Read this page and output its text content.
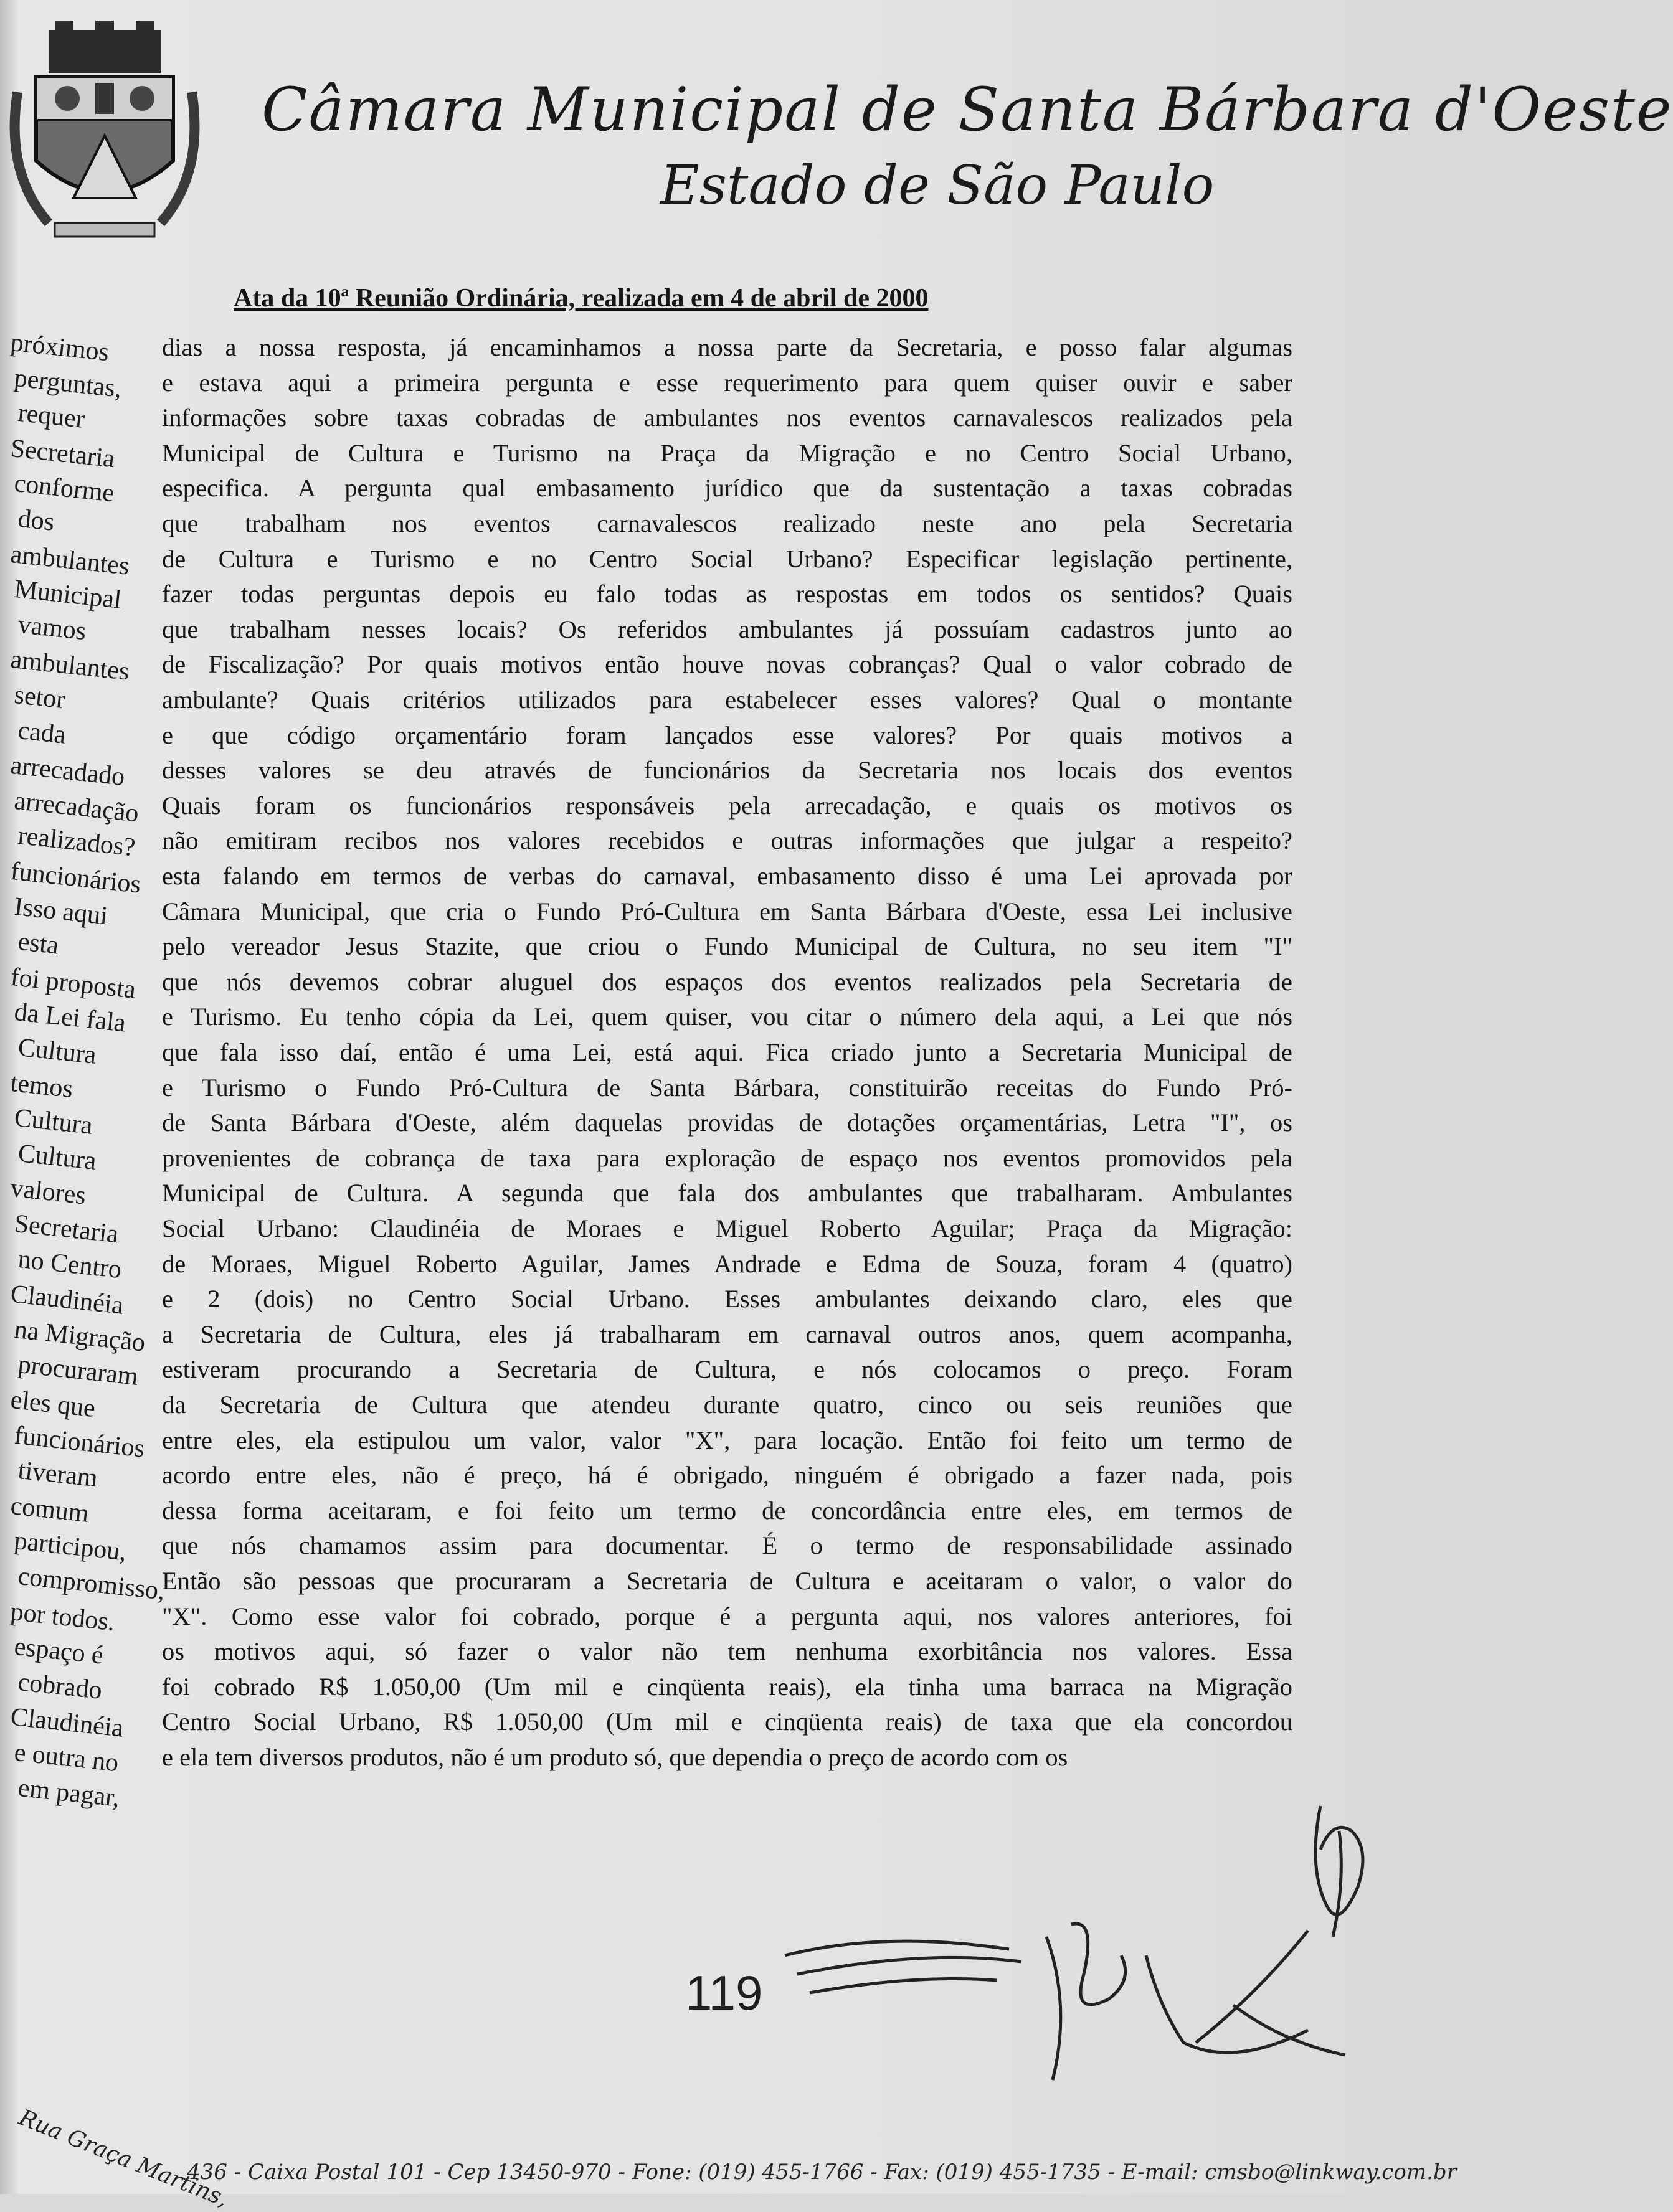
Câmara Municipal de Santa Bárbara d'Oeste
Estado de São Paulo
Ata da 10ª Reunião Ordinária, realizada em 4 de abril de 2000
dias a nossa resposta, já encaminhamos a nossa parte da Secretaria, e posso falar algumas
e estava aqui a primeira pergunta e esse requerimento para quem quiser ouvir e saber
informações sobre taxas cobradas de ambulantes nos eventos carnavalescos realizados pela
Municipal de Cultura e Turismo na Praça da Migração e no Centro Social Urbano,
especifica. A pergunta qual embasamento jurídico que da sustentação a taxas cobradas
que trabalham nos eventos carnavalescos realizado neste ano pela Secretaria
de Cultura e Turismo e no Centro Social Urbano? Especificar legislação pertinente,
fazer todas perguntas depois eu falo todas as respostas em todos os sentidos? Quais
que trabalham nesses locais? Os referidos ambulantes já possuíam cadastros junto ao
de Fiscalização? Por quais motivos então houve novas cobranças? Qual o valor cobrado de
ambulante? Quais critérios utilizados para estabelecer esses valores? Qual o montante
e que código orçamentário foram lançados esse valores? Por quais motivos a
desses valores se deu através de funcionários da Secretaria nos locais dos eventos
Quais foram os funcionários responsáveis pela arrecadação, e quais os motivos os
não emitiram recibos nos valores recebidos e outras informações que julgar a respeito?
esta falando em termos de verbas do carnaval, embasamento disso é uma Lei aprovada por
Câmara Municipal, que cria o Fundo Pró-Cultura em Santa Bárbara d'Oeste, essa Lei inclusive
pelo vereador Jesus Stazite, que criou o Fundo Municipal de Cultura, no seu item "I"
que nós devemos cobrar aluguel dos espaços dos eventos realizados pela Secretaria de
e Turismo. Eu tenho cópia da Lei, quem quiser, vou citar o número dela aqui, a Lei que nós
que fala isso daí, então é uma Lei, está aqui. Fica criado junto a Secretaria Municipal de
e Turismo o Fundo Pró-Cultura de Santa Bárbara, constituirão receitas do Fundo Pró-
de Santa Bárbara d'Oeste, além daquelas providas de dotações orçamentárias, Letra "I", os
provenientes de cobrança de taxa para exploração de espaço nos eventos promovidos pela
Municipal de Cultura. A segunda que fala dos ambulantes que trabalharam. Ambulantes
Social Urbano: Claudinéia de Moraes e Miguel Roberto Aguilar; Praça da Migração:
de Moraes, Miguel Roberto Aguilar, James Andrade e Edma de Souza, foram 4 (quatro)
e 2 (dois) no Centro Social Urbano. Esses ambulantes deixando claro, eles que
a Secretaria de Cultura, eles já trabalharam em carnaval outros anos, quem acompanha,
estiveram procurando a Secretaria de Cultura, e nós colocamos o preço. Foram
da Secretaria de Cultura que atendeu durante quatro, cinco ou seis reuniões que
entre eles, ela estipulou um valor, valor "X", para locação. Então foi feito um termo de
acordo entre eles, não é preço, há é obrigado, ninguém é obrigado a fazer nada, pois
dessa forma aceitaram, e foi feito um termo de concordância entre eles, em termos de
que nós chamamos assim para documentar. É o termo de responsabilidade assinado
Então são pessoas que procuraram a Secretaria de Cultura e aceitaram o valor, o valor do
"X". Como esse valor foi cobrado, porque é a pergunta aqui, nos valores anteriores, foi
os motivos aqui, só fazer o valor não tem nenhuma exorbitância nos valores. Essa
foi cobrado R$ 1.050,00 (Um mil e cinqüenta reais), ela tinha uma barraca na Migração
Centro Social Urbano, R$ 1.050,00 (Um mil e cinqüenta reais) de taxa que ela concordou
e ela tem diversos produtos, não é um produto só, que dependia o preço de acordo com os
próximos
perguntas,
requer
Secretaria
conforme
dos
ambulantes
Municipal
vamos
ambulantes
setor
cada
arrecadado
arrecadação
realizados?
funcionários
Isso aqui
esta
foi proposta
da Lei fala
Cultura
temos
Cultura
Cultura
valores
Secretaria
no Centro
Claudinéia
na Migração
procuraram
eles que
funcionários
tiveram
comum
participou,
compromisso,
por todos.
espaço é
cobrado
Claudinéia
e outra no
em pagar,
119
Rua Graça Martins,
436 - Caixa Postal 101 - Cep 13450-970 - Fone: (019) 455-1766 - Fax: (019) 455-1735 - E-mail: cmsbo@linkway.com.br
